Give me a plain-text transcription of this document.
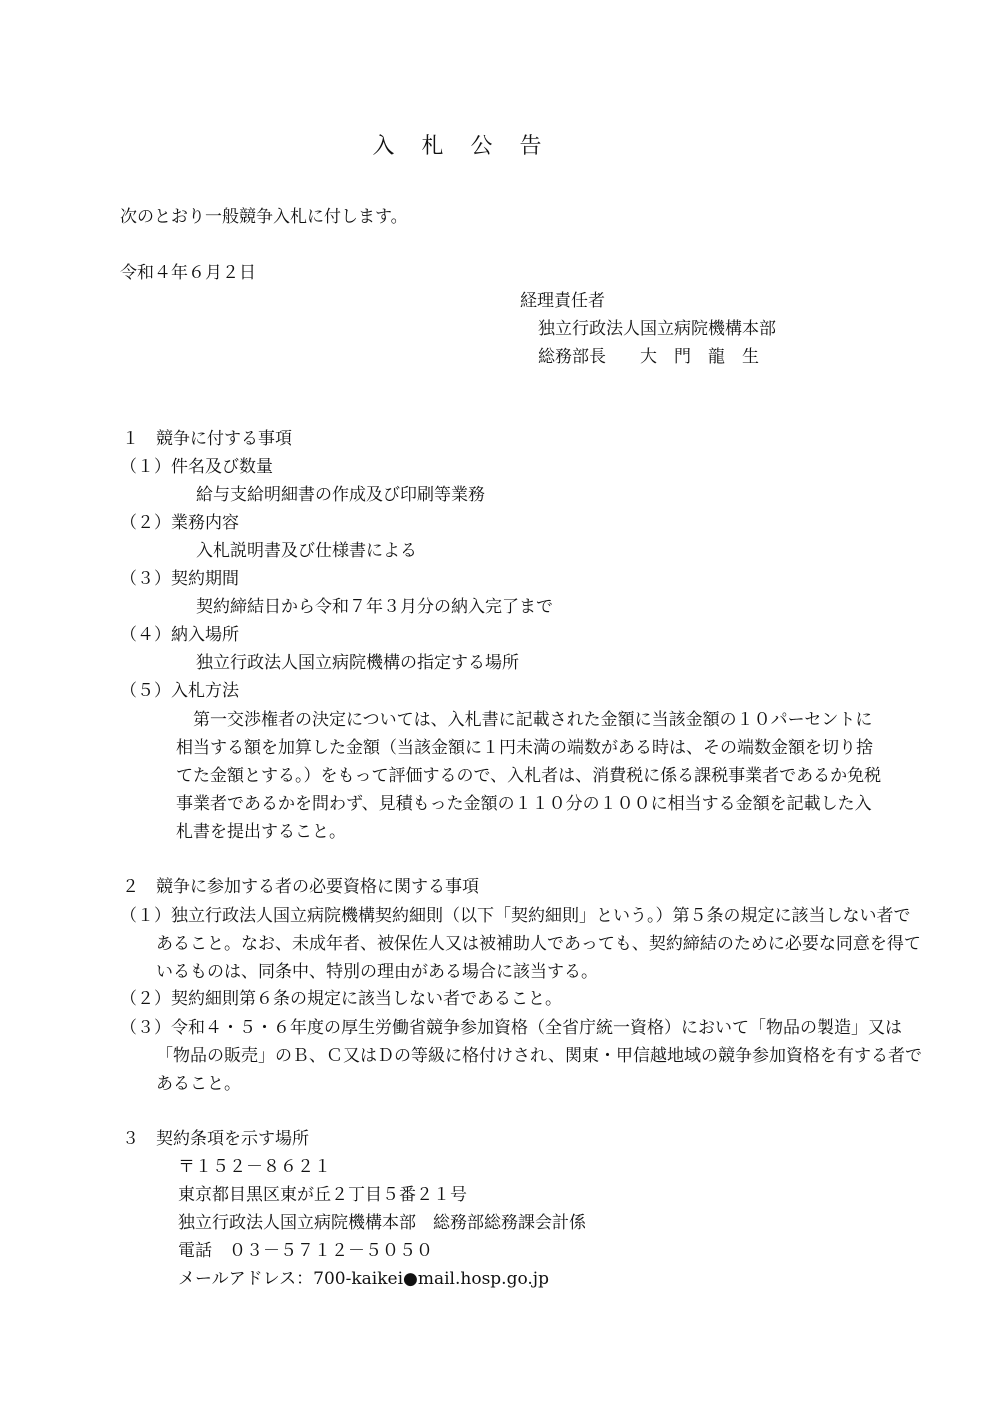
入 札 公 告
次のとおり一般競争入札に付します。
令和４年６月２日
経理責任者
独立行政法人国立病院機構本部
総務部長　　大　門　龍　生
１　競争に付する事項
（１）件名及び数量
給与支給明細書の作成及び印刷等業務
（２）業務内容
入札説明書及び仕様書による
（３）契約期間
契約締結日から令和７年３月分の納入完了まで
（４）納入場所
独立行政法人国立病院機構の指定する場所
（５）入札方法
　第一交渉権者の決定については、入札書に記載された金額に当該金額の１０パーセントに相当する額を加算した金額（当該金額に１円未満の端数がある時は、その端数金額を切り捨てた金額とする。）をもって評価するので、入札者は、消費税に係る課税事業者であるか免税事業者であるかを問わず、見積もった金額の１１０分の１００に相当する金額を記載した入札書を提出すること。
２　競争に参加する者の必要資格に関する事項
（１）独立行政法人国立病院機構契約細則（以下「契約細則」という。）第５条の規定に該当しない者であること。なお、未成年者、被保佐人又は被補助人であっても、契約締結のために必要な同意を得ているものは、同条中、特別の理由がある場合に該当する。
（２）契約細則第６条の規定に該当しない者であること。
（３）令和４・５・６年度の厚生労働省競争参加資格（全省庁統一資格）において「物品の製造」又は「物品の販売」のＢ、Ｃ又はＤの等級に格付けされ、関東・甲信越地域の競争参加資格を有する者であること。
３　契約条項を示す場所
〒１５２－８６２１
東京都目黒区東が丘２丁目５番２１号
独立行政法人国立病院機構本部　総務部総務課会計係
電話　０３－５７１２－５０５０
メールアドレス：700-kaikei●mail.hosp.go.jp
